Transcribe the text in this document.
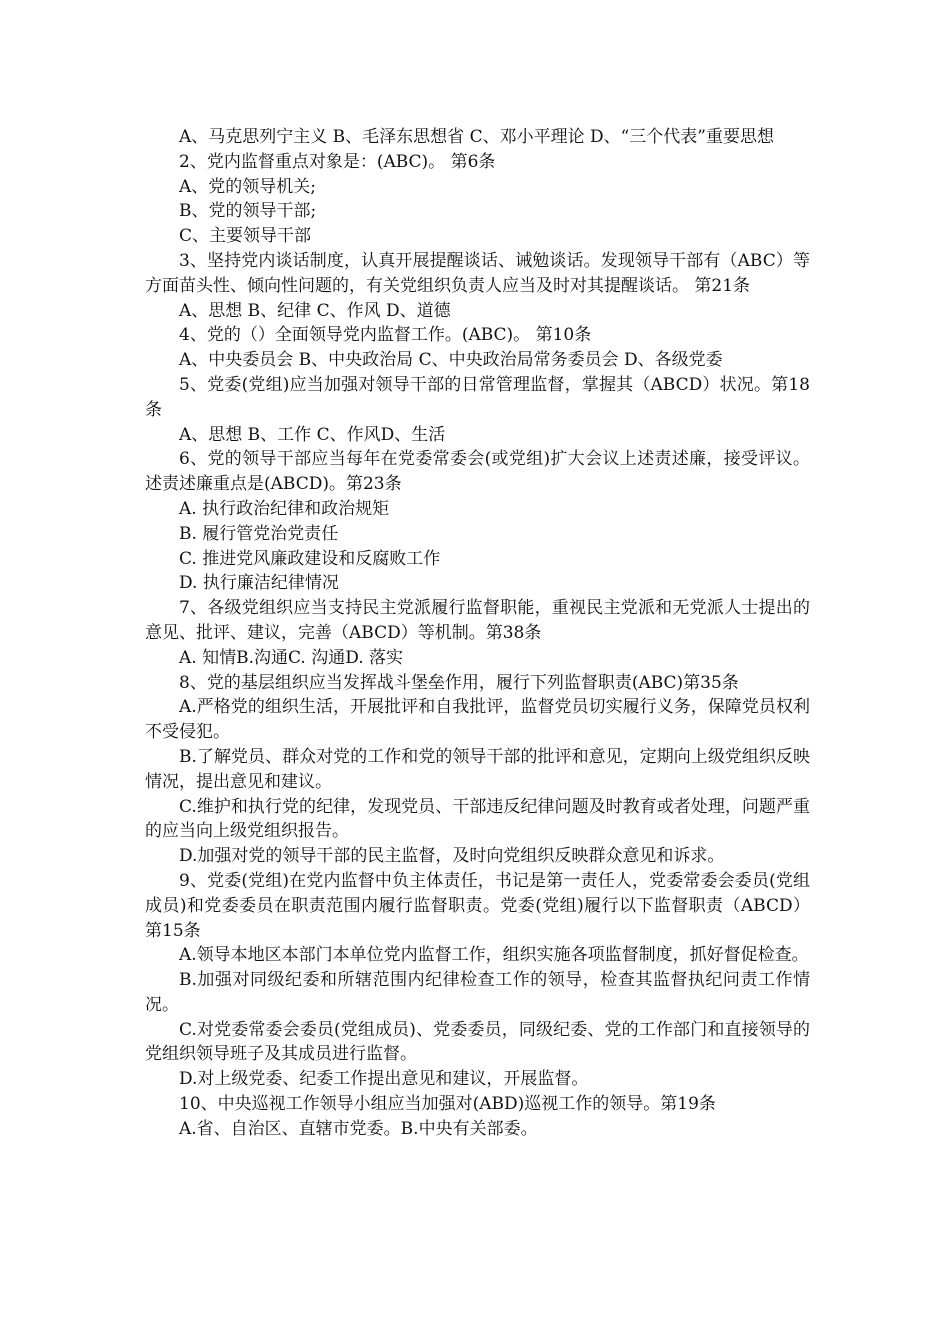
A、马克思列宁主义 B、毛泽东思想省 C、邓小平理论 D、“三个代表”重要思想

2、党内监督重点对象是：(ABC)。 第6条

A、党的领导机关;

B、党的领导干部;

C、主要领导干部

3、坚持党内谈话制度，认真开展提醒谈话、诫勉谈话。发现领导干部有（ABC）等方面苗头性、倾向性问题的，有关党组织负责人应当及时对其提醒谈话。 第21条

A、思想 B、纪律 C、作风 D、道德

4、党的（）全面领导党内监督工作。(ABC)。 第10条

A、中央委员会 B、中央政治局 C、中央政治局常务委员会 D、各级党委

5、党委(党组)应当加强对领导干部的日常管理监督，掌握其（ABCD）状况。第18条

A、思想 B、工作 C、作风D、生活

6、党的领导干部应当每年在党委常委会(或党组)扩大会议上述责述廉，接受评议。述责述廉重点是(ABCD)。第23条

A. 执行政治纪律和政治规矩

B. 履行管党治党责任

C. 推进党风廉政建设和反腐败工作

D. 执行廉洁纪律情况

7、各级党组织应当支持民主党派履行监督职能，重视民主党派和无党派人士提出的意见、批评、建议，完善（ABCD）等机制。第38条

A. 知情B.沟通C. 沟通D. 落实

8、党的基层组织应当发挥战斗堡垒作用，履行下列监督职责(ABC)第35条

A.严格党的组织生活，开展批评和自我批评，监督党员切实履行义务，保障党员权利不受侵犯。

B.了解党员、群众对党的工作和党的领导干部的批评和意见，定期向上级党组织反映情况，提出意见和建议。

C.维护和执行党的纪律，发现党员、干部违反纪律问题及时教育或者处理，问题严重的应当向上级党组织报告。

D.加强对党的领导干部的民主监督，及时向党组织反映群众意见和诉求。

9、党委(党组)在党内监督中负主体责任，书记是第一责任人，党委常委会委员(党组成员)和党委委员在职责范围内履行监督职责。党委(党组)履行以下监督职责（ABCD）第15条

A.领导本地区本部门本单位党内监督工作，组织实施各项监督制度，抓好督促检查。

B.加强对同级纪委和所辖范围内纪律检查工作的领导，检查其监督执纪问责工作情况。

C.对党委常委会委员(党组成员)、党委委员，同级纪委、党的工作部门和直接领导的党组织领导班子及其成员进行监督。

D.对上级党委、纪委工作提出意见和建议，开展监督。

10、中央巡视工作领导小组应当加强对(ABD)巡视工作的领导。第19条

A.省、自治区、直辖市党委。B.中央有关部委。
